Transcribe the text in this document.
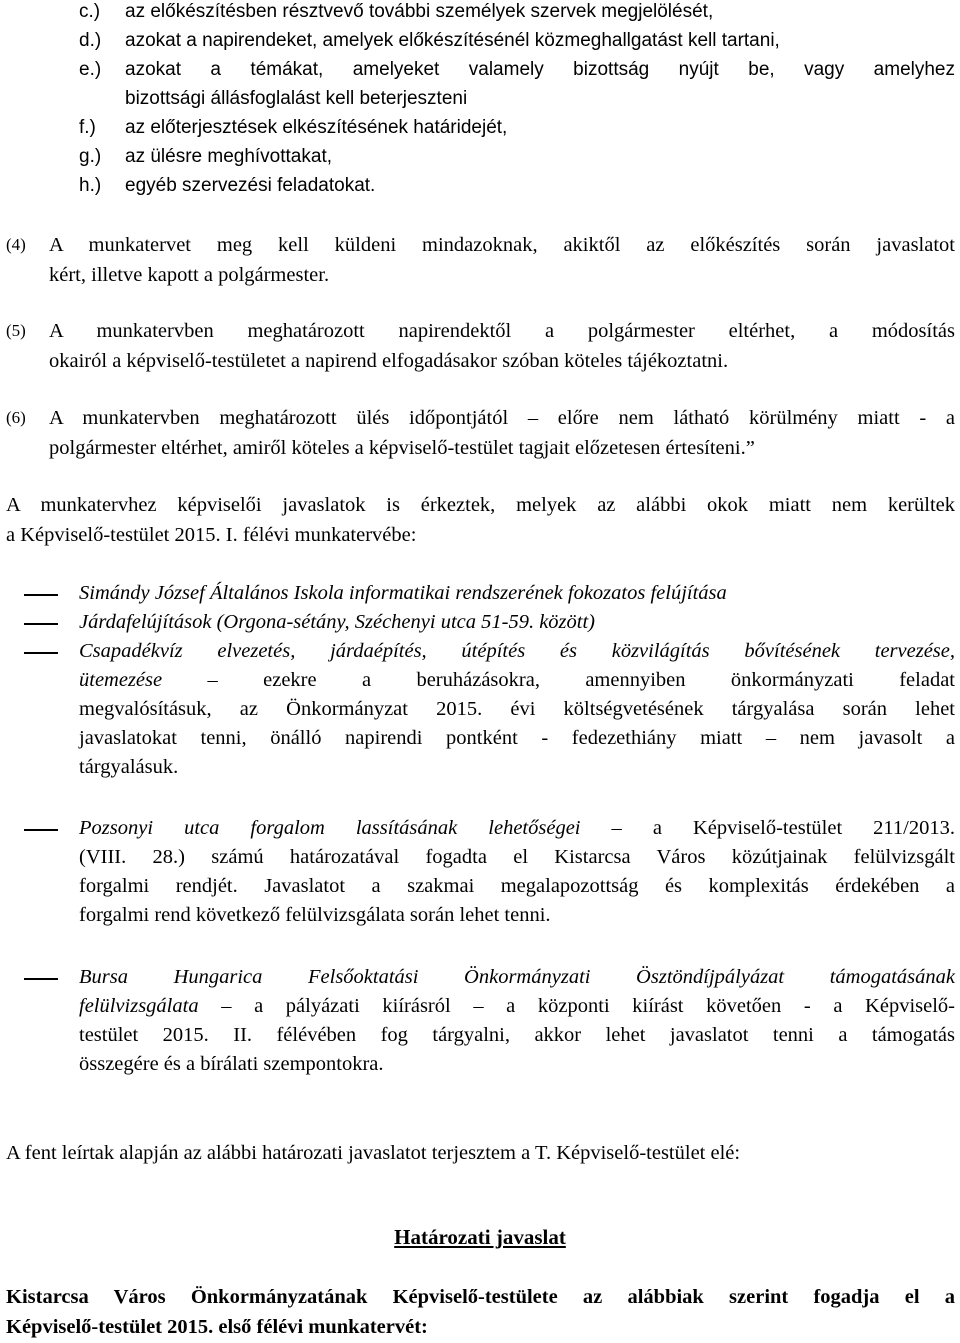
c.) az előkészítésben résztvevő további személyek szervek megjelölését,
d.) azokat a napirendeket, amelyek előkészítésénél közmeghallgatást kell tartani,
e.) azokat a témákat, amelyeket valamely bizottság nyújt be, vagy amelyhez
bizottsági állásfoglalást kell beterjeszteni
f.) az előterjesztések elkészítésének határidejét,
g.) az ülésre meghívottakat,
h.) egyéb szervezési feladatokat.
(4) A munkatervet meg kell küldeni mindazoknak, akiktől az előkészítés során javaslatot
kért, illetve kapott a polgármester.
(5) A munkatervben meghatározott napirendektől a polgármester eltérhet, a módosítás
okairól a képviselő-testületet a napirend elfogadásakor szóban köteles tájékoztatni.
(6) A munkatervben meghatározott ülés időpontjától – előre nem látható körülmény miatt - a
polgármester eltérhet, amiről köteles a képviselő-testület tagjait előzetesen értesíteni.”
A munkatervhez képviselői javaslatok is érkeztek, melyek az alábbi okok miatt nem kerültek
a Képviselő-testület 2015. I. félévi munkatervébe:
Simándy József Általános Iskola informatikai rendszerének fokozatos felújítása
Járdafelújítások (Orgona-sétány, Széchenyi utca 51-59. között)
Csapadékvíz elvezetés, járdaépítés, útépítés és közvilágítás bővítésének tervezése,
ütemezése – ezekre a beruházásokra, amennyiben önkormányzati feladat
megvalósításuk, az Önkormányzat 2015. évi költségvetésének tárgyalása során lehet
javaslatokat tenni, önálló napirendi pontként - fedezethiány miatt – nem javasolt a
tárgyalásuk.
Pozsonyi utca forgalom lassításának lehetőségei – a Képviselő-testület 211/2013.
(VIII. 28.) számú határozatával fogadta el Kistarcsa Város közútjainak felülvizsgált
forgalmi rendjét. Javaslatot a szakmai megalapozottság és komplexitás érdekében a
forgalmi rend következő felülvizsgálata során lehet tenni.
Bursa Hungarica Felsőoktatási Önkormányzati Ösztöndíjpályázat támogatásának
felülvizsgálata – a pályázati kiírásról – a központi kiírást követően - a Képviselő-
testület 2015. II. félévében fog tárgyalni, akkor lehet javaslatot tenni a támogatás
összegére és a bírálati szempontokra.
A fent leírtak alapján az alábbi határozati javaslatot terjesztem a T. Képviselő-testület elé:
Határozati javaslat
Kistarcsa Város Önkormányzatának Képviselő-testülete az alábbiak szerint fogadja el a
Képviselő-testület 2015. első félévi munkatervét:
